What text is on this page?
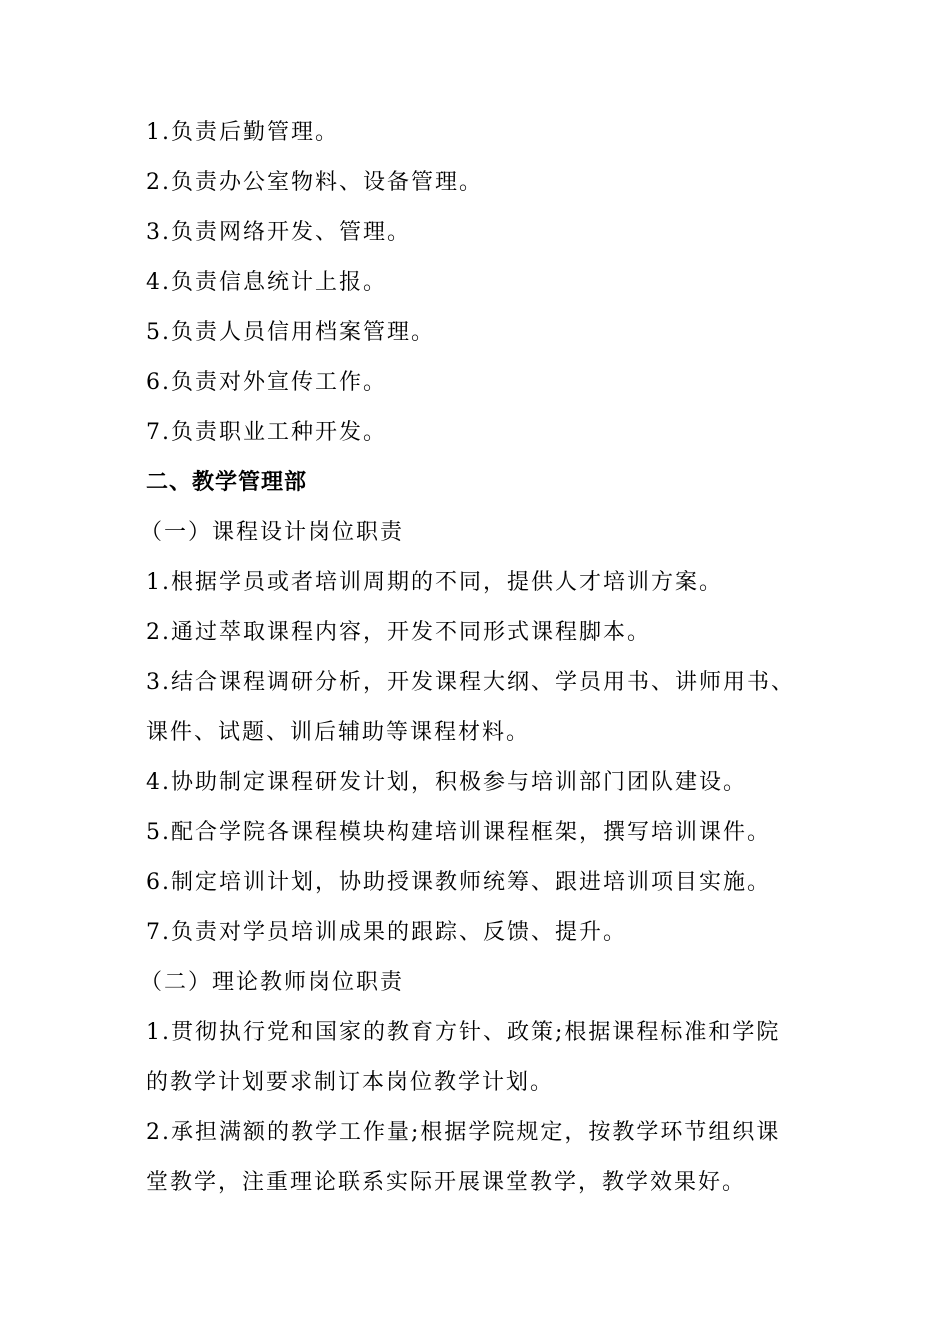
1.负责后勤管理。
2.负责办公室物料、设备管理。
3.负责网络开发、管理。
4.负责信息统计上报。
5.负责人员信用档案管理。
6.负责对外宣传工作。
7.负责职业工种开发。
二、教学管理部
（一）课程设计岗位职责
1.根据学员或者培训周期的不同，提供人才培训方案。
2.通过萃取课程内容，开发不同形式课程脚本。
3.结合课程调研分析，开发课程大纲、学员用书、讲师用书、
课件、试题、训后辅助等课程材料。
4.协助制定课程研发计划，积极参与培训部门团队建设。
5.配合学院各课程模块构建培训课程框架，撰写培训课件。
6.制定培训计划，协助授课教师统筹、跟进培训项目实施。
7.负责对学员培训成果的跟踪、反馈、提升。
（二）理论教师岗位职责
1.贯彻执行党和国家的教育方针、政策;根据课程标准和学院
的教学计划要求制订本岗位教学计划。
2.承担满额的教学工作量;根据学院规定，按教学环节组织课
堂教学，注重理论联系实际开展课堂教学，教学效果好。
